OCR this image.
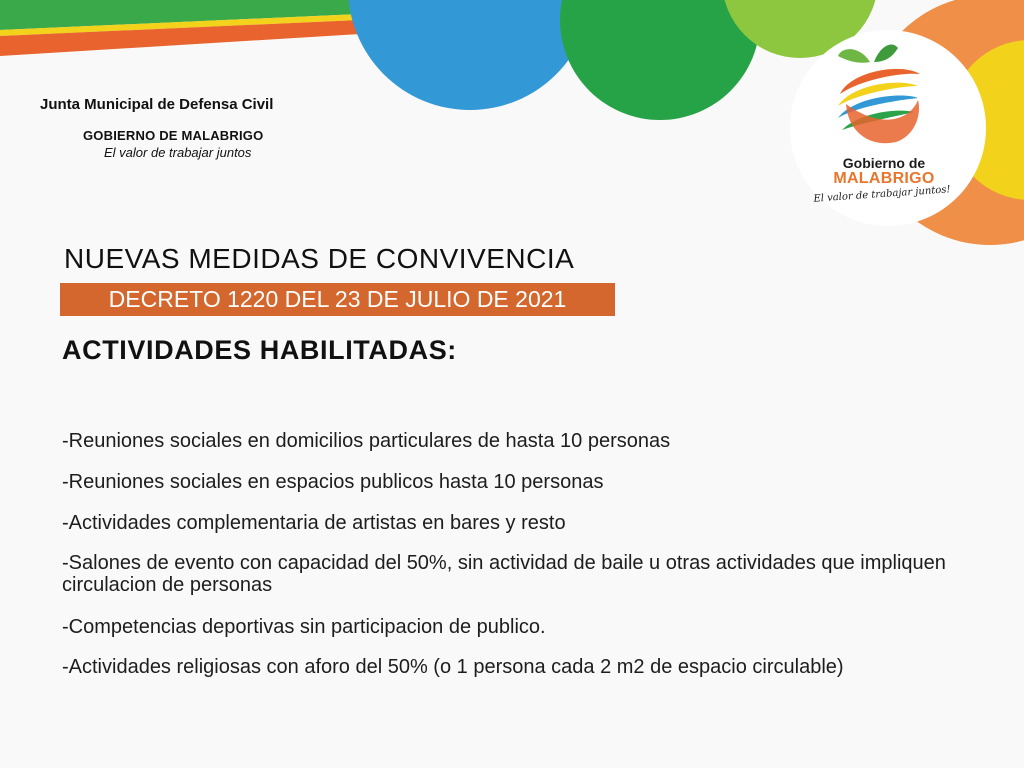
Junta Municipal de Defensa Civil
GOBIERNO DE MALABRIGO
El valor de trabajar juntos
Gobierno de
MALABRIGO
El valor de trabajar juntos!
NUEVAS MEDIDAS DE CONVIVENCIA
DECRETO 1220 DEL 23 DE JULIO DE 2021
ACTIVIDADES HABILITADAS:
-Reuniones sociales en domicilios particulares de hasta 10 personas
-Reuniones sociales en espacios publicos hasta 10 personas
-Actividades complementaria de artistas en bares y resto
-Salones de evento con capacidad del 50%, sin actividad de baile u otras actividades que impliquen circulacion de personas
-Competencias deportivas sin participacion de publico.
-Actividades religiosas con aforo del 50% (o 1 persona cada 2 m2 de espacio circulable)
